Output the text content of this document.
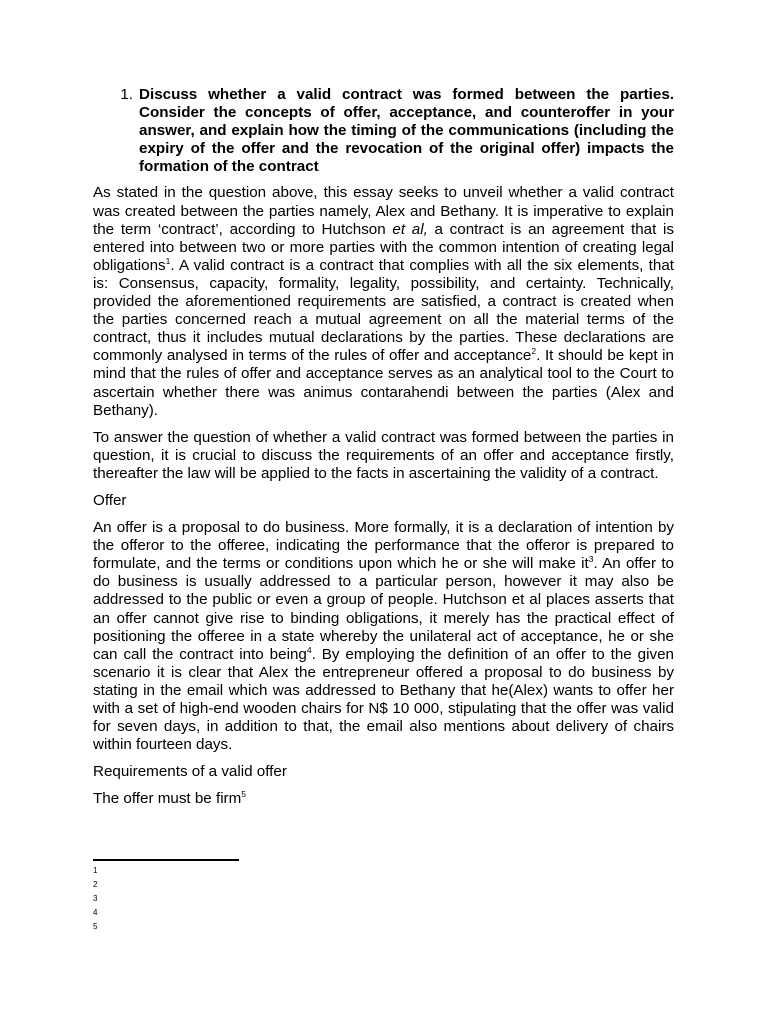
1. Discuss whether a valid contract was formed between the parties. Consider the concepts of offer, acceptance, and counteroffer in your answer, and explain how the timing of the communications (including the expiry of the offer and the revocation of the original offer) impacts the formation of the contract

As stated in the question above, this essay seeks to unveil whether a valid contract was created between the parties namely, Alex and Bethany. It is imperative to explain the term ‘contract’, according to Hutchson et al, a contract is an agreement that is entered into between two or more parties with the common intention of creating legal obligations$^1$. A valid contract is a contract that complies with all the six elements, that is: Consensus, capacity, formality, legality, possibility, and certainty. Technically, provided the aforementioned requirements are satisfied, a contract is created when the parties concerned reach a mutual agreement on all the material terms of the contract, thus it includes mutual declarations by the parties. These declarations are commonly analysed in terms of the rules of offer and acceptance$^2$. It should be kept in mind that the rules of offer and acceptance serves as an analytical tool to the Court to ascertain whether there was animus contarahendi between the parties (Alex and Bethany).

To answer the question of whether a valid contract was formed between the parties in question, it is crucial to discuss the requirements of an offer and acceptance firstly, thereafter the law will be applied to the facts in ascertaining the validity of a contract.

Offer

An offer is a proposal to do business. More formally, it is a declaration of intention by the offeror to the offeree, indicating the performance that the offeror is prepared to formulate, and the terms or conditions upon which he or she will make $it^3$. An offer to do business is usually addressed to a particular person, however it may also be addressed to the public or even a group of people. Hutchson et al places asserts that an offer cannot give rise to binding obligations, it merely has the practical effect of positioning the offeree in a state whereby the unilateral act of acceptance, he or she can call the contract into being$^4$. By employing the definition of an offer to the given scenario it is clear that Alex the entrepreneur offered a proposal to do business by stating in the email which was addressed to Bethany that he(Alex) wants to offer her with a set of high-end wooden chairs for N$ 10 000, stipulating that the offer was valid for seven days, in addition to that, the email also mentions about delivery of chairs within fourteen days.

Requirements of a valid offer
The offer must be firm$^5$
1
2
3
4
5
